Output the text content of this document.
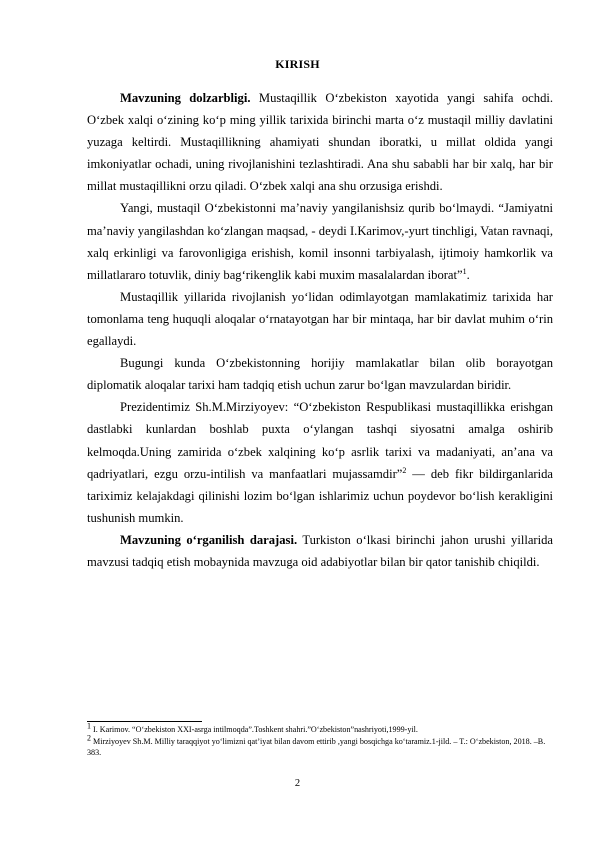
KIRISH

Mavzuning dolzarbligi. Mustaqillik O‘zbekiston xayotida yangi sahifa ochdi. O‘zbek xalqi o‘zining ko‘p ming yillik tarixida birinchi marta o‘z mustaqil milliy davlatini yuzaga keltirdi. Mustaqillikning ahamiyati shundan iboratki, u millat oldida yangi imkoniyatlar ochadi, uning rivojlanishini tezlashtiradi. Ana shu sababli har bir xalq, har bir millat mustaqillikni orzu qiladi. O‘zbek xalqi ana shu orzusiga erishdi.

Yangi, mustaqil O‘zbekistonni ma’naviy yangilanishsiz qurib bo‘lmaydi. “Jamiyatni ma’naviy yangilashdan ko‘zlangan maqsad, - deydi I.Karimov,-yurt tinchligi, Vatan ravnaqi, xalq erkinligi va farovonligiga erishish, komil insonni tarbiyalash, ijtimoiy hamkorlik va millatlararo totuvlik, diniy bag‘rikenglik kabi muxim masalalardan iborat”$^1$.

Mustaqillik yillarida rivojlanish yo‘lidan odimlayotgan mamlakatimiz tarixida har tomonlama teng huquqli aloqalar o‘rnatayotgan har bir mintaqa, har bir davlat muhim o‘rin egallaydi.

Bugungi kunda O‘zbekistonning horijiy mamlakatlar bilan olib borayotgan diplomatik aloqalar tarixi ham tadqiq etish uchun zarur bo‘lgan mavzulardan biridir.

Prezidentimiz Sh.M.Mirziyoyev: “O‘zbekiston Respublikasi mustaqillikka erishgan dastlabki kunlardan boshlab puxta o‘ylangan tashqi siyosatni amalga oshirib kelmoqda.Uning zamirida o‘zbek xalqining ko‘p asrlik tarixi va madaniyati, an’ana va qadriyatlari, ezgu orzu-intilish va manfaatlari mujassamdir”$^2$ — deb fikr bildirganlarida tariximiz kelajakdagi qilinishi lozim bo‘lgan ishlarimiz uchun poydevor bo‘lish kerakligini tushunish mumkin.

Mavzuning o‘rganilish darajasi. Turkiston o‘lkasi birinchi jahon urushi yillarida mavzusi tadqiq etish mobaynida mavzuga oid adabiyotlar bilan bir qator tanishib chiqildi.

$^1$ I. Karimov. “O‘zbekiston XXI-asrga intilmoqda”.Toshkent shahri.”O‘zbekiston”nashriyoti,1999-yil.

$^2$ Mirziyoyev Sh.M. Milliy taraqqiyot yo‘limizni qat’iyat bilan davom ettirib ,yangi bosqichga ko‘taramiz.1-jild. – T.: O‘zbekiston, 2018. –B. 383.

2
